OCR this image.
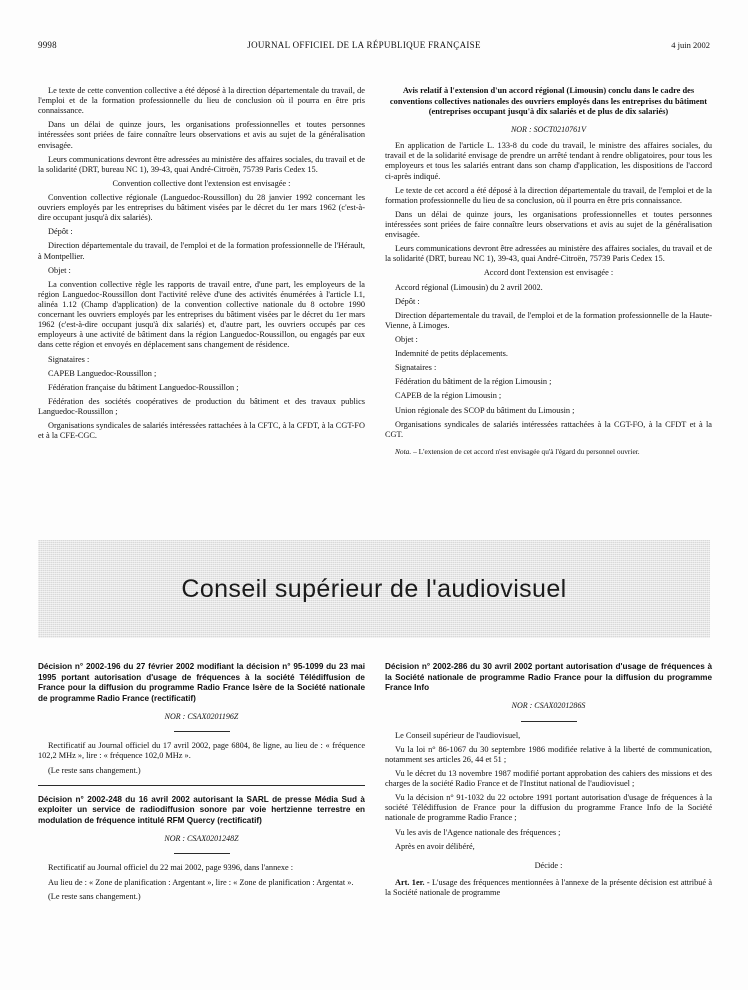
9998	JOURNAL OFFICIEL DE LA RÉPUBLIQUE FRANÇAISE	4 juin 2002

Le texte de cette convention collective a été déposé à la direction départementale du travail, de l'emploi et de la formation professionnelle du lieu de conclusion où il pourra en être pris connaissance.

Dans un délai de quinze jours, les organisations professionnelles et toutes personnes intéressées sont priées de faire connaître leurs observations et avis au sujet de la généralisation envisagée.

Leurs communications devront être adressées au ministère des affaires sociales, du travail et de la solidarité (DRT, bureau NC 1), 39-43, quai André-Citroën, 75739 Paris Cedex 15.

Convention collective dont l'extension est envisagée :

Convention collective régionale (Languedoc-Roussillon) du 28 janvier 1992 concernant les ouvriers employés par les entreprises du bâtiment visées par le décret du 1er mars 1962 (c'est-à-dire occupant jusqu'à dix salariés).

Dépôt :

Direction départementale du travail, de l'emploi et de la formation professionnelle de l'Hérault, à Montpellier.

Objet :

La convention collective règle les rapports de travail entre, d'une part, les employeurs de la région Languedoc-Roussillon dont l'activité relève d'une des activités énumérées à l'article I.1, alinéa 1.12 (Champ d'application) de la convention collective nationale du 8 octobre 1990 concernant les ouvriers employés par les entreprises du bâtiment visées par le décret du 1er mars 1962 (c'est-à-dire occupant jusqu'à dix salariés) et, d'autre part, les ouvriers occupés par ces employeurs à une activité de bâtiment dans la région Languedoc-Roussillon, ou engagés par eux dans cette région et envoyés en déplacement sans changement de résidence.

Signataires :

CAPEB Languedoc-Roussillon ;

Fédération française du bâtiment Languedoc-Roussillon ;

Fédération des sociétés coopératives de production du bâtiment et des travaux publics Languedoc-Roussillon ;

Organisations syndicales de salariés intéressées rattachées à la CFTC, à la CFDT, à la CGT-FO et à la CFE-CGC.

Avis relatif à l'extension d'un accord régional (Limousin) conclu dans le cadre des conventions collectives nationales des ouvriers employés dans les entreprises du bâtiment (entreprises occupant jusqu'à dix salariés et de plus de dix salariés)

NOR : SOCT0210761V

En application de l'article L. 133-8 du code du travail, le ministre des affaires sociales, du travail et de la solidarité envisage de prendre un arrêté tendant à rendre obligatoires, pour tous les employeurs et tous les salariés entrant dans son champ d'application, les dispositions de l'accord ci-après indiqué.

Le texte de cet accord a été déposé à la direction départementale du travail, de l'emploi et de la formation professionnelle du lieu de sa conclusion, où il pourra en être pris connaissance.

Dans un délai de quinze jours, les organisations professionnelles et toutes personnes intéressées sont priées de faire connaître leurs observations et avis au sujet de la généralisation envisagée.

Leurs communications devront être adressées au ministère des affaires sociales, du travail et de la solidarité (DRT, bureau NC 1), 39-43, quai André-Citroën, 75739 Paris Cedex 15.

Accord dont l'extension est envisagée :

Accord régional (Limousin) du 2 avril 2002.

Dépôt :

Direction départementale du travail, de l'emploi et de la formation professionnelle de la Haute-Vienne, à Limoges.

Objet :

Indemnité de petits déplacements.

Signataires :

Fédération du bâtiment de la région Limousin ;

CAPEB de la région Limousin ;

Union régionale des SCOP du bâtiment du Limousin ;

Organisations syndicales de salariés intéressées rattachées à la CGT-FO, à la CFDT et à la CGT.

Nota. – L'extension de cet accord n'est envisagée qu'à l'égard du personnel ouvrier.

Conseil supérieur de l'audiovisuel

Décision n° 2002-196 du 27 février 2002 modifiant la décision n° 95-1099 du 23 mai 1995 portant autorisation d'usage de fréquences à la société Télédiffusion de France pour la diffusion du programme Radio France Isère de la Société nationale de programme Radio France (rectificatif)

NOR : CSAX0201196Z

Rectificatif au Journal officiel du 17 avril 2002, page 6804, 8e ligne, au lieu de : « fréquence 102,2 MHz », lire : « fréquence 102,0 MHz ».

(Le reste sans changement.)

Décision n° 2002-248 du 16 avril 2002 autorisant la SARL de presse Média Sud à exploiter un service de radiodiffusion sonore par voie hertzienne terrestre en modulation de fréquence intitulé RFM Quercy (rectificatif)

NOR : CSAX0201248Z

Rectificatif au Journal officiel du 22 mai 2002, page 9396, dans l'annexe :

Au lieu de : « Zone de planification : Argentant », lire : « Zone de planification : Argentat ».

(Le reste sans changement.)

Décision n° 2002-286 du 30 avril 2002 portant autorisation d'usage de fréquences à la Société nationale de programme Radio France pour la diffusion du programme France Info

NOR : CSAX0201286S

Le Conseil supérieur de l'audiovisuel,

Vu la loi n° 86-1067 du 30 septembre 1986 modifiée relative à la liberté de communication, notamment ses articles 26, 44 et 51 ;

Vu le décret du 13 novembre 1987 modifié portant approbation des cahiers des missions et des charges de la société Radio France et de l'Institut national de l'audiovisuel ;

Vu la décision n° 91-1032 du 22 octobre 1991 portant autorisation d'usage de fréquences à la société Télédiffusion de France pour la diffusion du programme France Info de la Société nationale de programme Radio France ;

Vu les avis de l'Agence nationale des fréquences ;

Après en avoir délibéré,

Décide :

Art. 1er. - L'usage des fréquences mentionnées à l'annexe de la présente décision est attribué à la Société nationale de programme
